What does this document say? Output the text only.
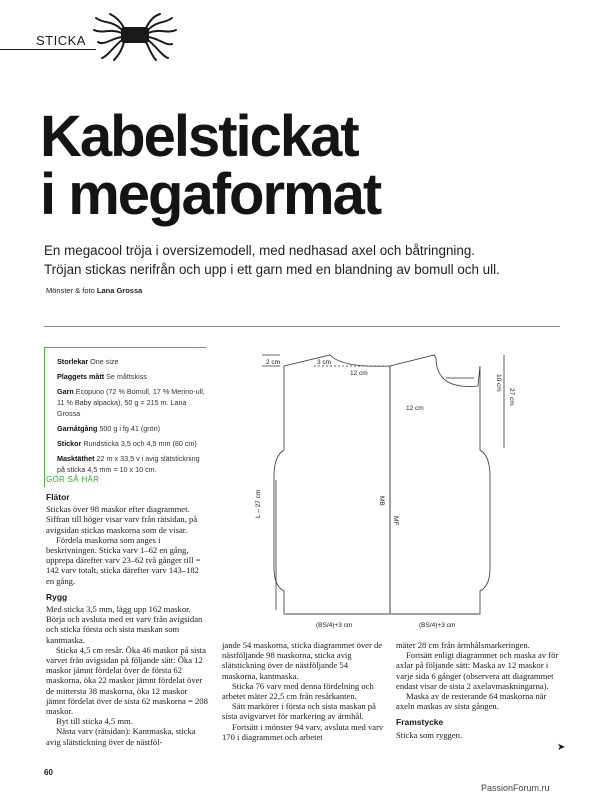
STICKA
Kabelstickat
i megaformat
En megacool tröja i oversizemodell, med nedhasad axel och båtringning.
Tröjan stickas nerifrån och upp i ett garn med en blandning av bomull och ull.
Mönster & foto Lana Grossa

Storlekar One size

Plaggets mått Se måttskiss

Garn Ecopuno (72 % Bomull, 17 % Merino-ull, 11 % Baby alpacka), 50 g = 215 m. Lana Grossa

Garnåtgång 500 g i fg 41 (grön)

Stickor Rundsticka 3,5 och 4,5 mm (80 cm)

Masktäthet 22 m x 33,5 v i avig slätstickning på sticka 4,5 mm = 10 x 10 cm.

GÖR SÅ HÄR
Flätor

Stickas över 98 maskor efter diagrammet. Siffran till höger visar varv från rätsidan, på avigsidan stickas maskorna som de visar.

Fördela maskorna som anges i beskrivningen. Sticka varv 1–62 en gång, upprepa därefter varv 23–62 två gånger till = 142 varv totalt, sticka därefter varv 143–182 en gång.

Rygg

Med sticka 3,5 mm, lägg upp 162 maskor. Börja och avsluta med ett varv från avigsidan och sticka första och sista maskan som kantmaska.

Sticka 4,5 cm resår. Öka 46 maskor på sista varvet från avigsidan på följande sätt: Öka 12 maskor jämnt fördelat över de första 62 maskorna, öka 22 maskor jämnt fördelat över de mittersta 38 maskorna, öka 12 maskor jämnt fördelat över de sista 62 maskorna = 208 maskor.

Byt till sticka 4,5 mm.

Nästa varv (rätsidan): Kantmaska, sticka avig slätstickning över de nästföl-

jande 54 maskorna, sticka diagrammet över de nästföljande 98 maskorna, sticka avig slätstickning över de nästföljande 54 maskorna, kantmaska.

Sticka 76 varv med denna fördelning och arbetet mäter 22,5 cm från resårkanten.

Sätt markörer i första och sista maskan på sista avigvarvet för markering av ärmhål.

Fortsätt i mönster 94 varv, avsluta med varv 170 i diagrammet och arbetet

mäter 28 cm från ärmhålsmarkeringen.

Fortsätt enligt diagrammet och maska av för axlar på följande sätt: Maska av 12 maskor i varje sida 6 gånger (observera att diagrammet endast visar de sista 2 axelavmaskningarna).

Maska av de resterande 64 maskorna när axeln maskas av sista gången.

Framstycke

Sticka som ryggen.

2 cm	3 cm
12 cm
10 cm
12 cm
27 cm
L – 27 cm	MB
MF
(BS/4)+3 cm	(BS/4)+3 cm
60
➤
PassionForum.ru
